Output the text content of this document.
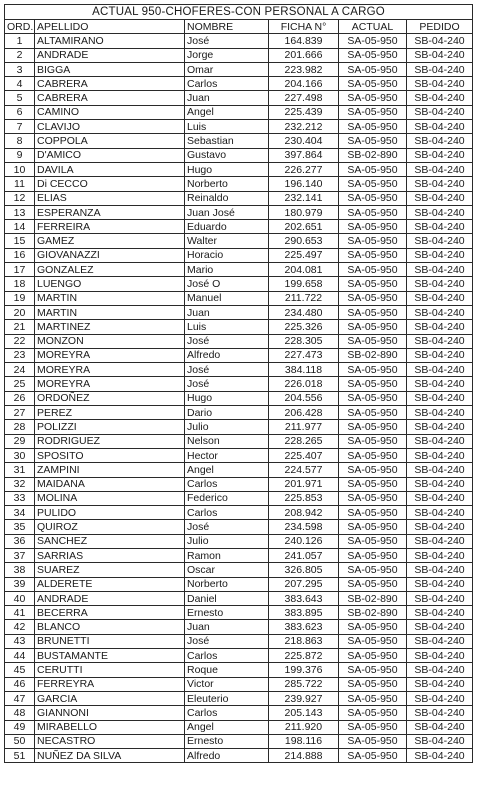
ACTUAL 950-CHOFERES-CON PERSONAL A CARGO					
ORD.	APELLIDO	NOMBRE	FICHA N°	ACTUAL	PEDIDO
1	ALTAMIRANO	José	164.839	SA-05-950	SB-04-240
2	ANDRADE	Jorge	201.666	SA-05-950	SB-04-240
3	BIGGA	Omar	223.982	SA-05-950	SB-04-240
4	CABRERA	Carlos	204.166	SA-05-950	SB-04-240
5	CABRERA	Juan	227.498	SA-05-950	SB-04-240
6	CAMINO	Angel	225.439	SA-05-950	SB-04-240
7	CLAVIJO	Luis	232.212	SA-05-950	SB-04-240
8	COPPOLA	Sebastian	230.404	SA-05-950	SB-04-240
9	D'AMICO	Gustavo	397.864	SB-02-890	SB-04-240
10	DAVILA	Hugo	226.277	SA-05-950	SB-04-240
11	Di CECCO	Norberto	196.140	SA-05-950	SB-04-240
12	ELIAS	Reinaldo	232.141	SA-05-950	SB-04-240
13	ESPERANZA	Juan José	180.979	SA-05-950	SB-04-240
14	FERREIRA	Eduardo	202.651	SA-05-950	SB-04-240
15	GAMEZ	Walter	290.653	SA-05-950	SB-04-240
16	GIOVANAZZI	Horacio	225.497	SA-05-950	SB-04-240
17	GONZALEZ	Mario	204.081	SA-05-950	SB-04-240
18	LUENGO	José O	199.658	SA-05-950	SB-04-240
19	MARTIN	Manuel	211.722	SA-05-950	SB-04-240
20	MARTIN	Juan	234.480	SA-05-950	SB-04-240
21	MARTINEZ	Luis	225.326	SA-05-950	SB-04-240
22	MONZON	José	228.305	SA-05-950	SB-04-240
23	MOREYRA	Alfredo	227.473	SB-02-890	SB-04-240
24	MOREYRA	José	384.118	SA-05-950	SB-04-240
25	MOREYRA	José	226.018	SA-05-950	SB-04-240
26	ORDOÑEZ	Hugo	204.556	SA-05-950	SB-04-240
27	PEREZ	Dario	206.428	SA-05-950	SB-04-240
28	POLIZZI	Julio	211.977	SA-05-950	SB-04-240
29	RODRIGUEZ	Nelson	228.265	SA-05-950	SB-04-240
30	SPOSITO	Hector	225.407	SA-05-950	SB-04-240
31	ZAMPINI	Angel	224.577	SA-05-950	SB-04-240
32	MAIDANA	Carlos	201.971	SA-05-950	SB-04-240
33	MOLINA	Federico	225.853	SA-05-950	SB-04-240
34	PULIDO	Carlos	208.942	SA-05-950	SB-04-240
35	QUIROZ	José	234.598	SA-05-950	SB-04-240
36	SANCHEZ	Julio	240.126	SA-05-950	SB-04-240
37	SARRIAS	Ramon	241.057	SA-05-950	SB-04-240
38	SUAREZ	Oscar	326.805	SA-05-950	SB-04-240
39	ALDERETE	Norberto	207.295	SA-05-950	SB-04-240
40	ANDRADE	Daniel	383.643	SB-02-890	SB-04-240
41	BECERRA	Ernesto	383.895	SB-02-890	SB-04-240
42	BLANCO	Juan	383.623	SA-05-950	SB-04-240
43	BRUNETTI	José	218.863	SA-05-950	SB-04-240
44	BUSTAMANTE	Carlos	225.872	SA-05-950	SB-04-240
45	CERUTTI	Roque	199.376	SA-05-950	SB-04-240
46	FERREYRA	Victor	285.722	SA-05-950	SB-04-240
47	GARCIA	Eleuterio	239.927	SA-05-950	SB-04-240
48	GIANNONI	Carlos	205.143	SA-05-950	SB-04-240
49	MIRABELLO	Angel	211.920	SA-05-950	SB-04-240
50	NECASTRO	Ernesto	198.116	SA-05-950	SB-04-240
51	NUÑEZ DA SILVA	Alfredo	214.888	SA-05-950	SB-04-240
